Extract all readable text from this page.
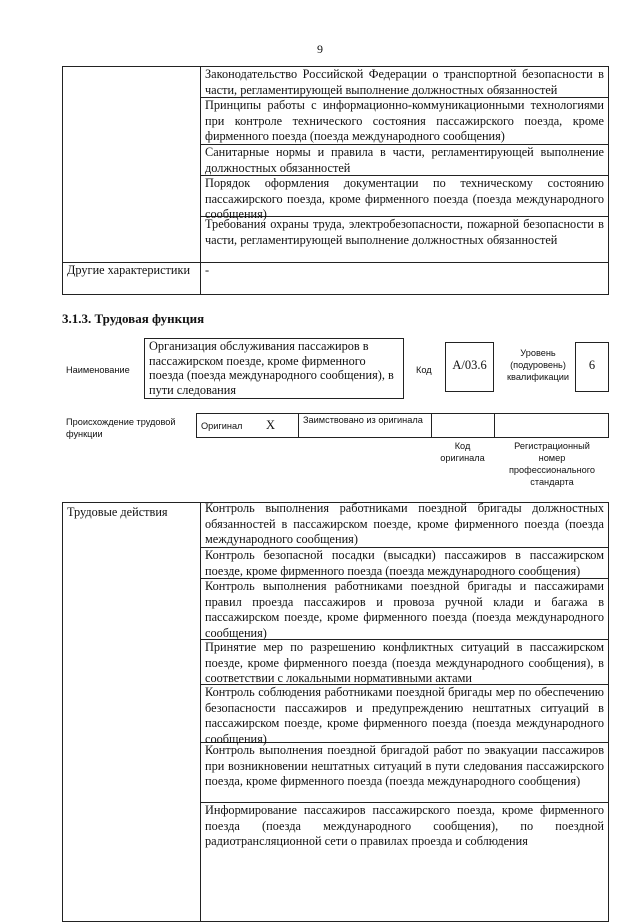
9
Законодательство Российской Федерации о транспортной безопасности в части, регламентирующей выполнение должностных обязанностей
Принципы работы с информационно-коммуникационными технологиями при контроле технического состояния пассажирского поезда, кроме фирменного поезда (поезда международного сообщения)
Санитарные нормы и правила в части, регламентирующей выполнение должностных обязанностей
Порядок оформления документации по техническому состоянию пассажирского поезда, кроме фирменного поезда (поезда международного сообщения)
Требования охраны труда, электробезопасности, пожарной безопасности в части, регламентирующей выполнение должностных обязанностей
Другие характеристики	-
3.1.3. Трудовая функция
Наименование
Организация обслуживания пассажиров в пассажирском поезде, кроме фирменного поезда (поезда международного сообщения), в пути следования
Код	А/03.6
Уровень (подуровень) квалификации
6
Происхождение трудовой функции
Оригинал X	Заимствовано из оригинала
Код оригинала
Регистрационный номер профессионального стандарта
Трудовые действия	Контроль выполнения работниками поездной бригады должностных обязанностей в пассажирском поезде, кроме фирменного поезда (поезда международного сообщения)
Контроль безопасной посадки (высадки) пассажиров в пассажирском поезде, кроме фирменного поезда (поезда международного сообщения)
Контроль выполнения работниками поездной бригады и пассажирами правил проезда пассажиров и провоза ручной клади и багажа в пассажирском поезде, кроме фирменного поезда (поезда международного сообщения)
Принятие мер по разрешению конфликтных ситуаций в пассажирском поезде, кроме фирменного поезда (поезда международного сообщения), в соответствии с локальными нормативными актами
Контроль соблюдения работниками поездной бригады мер по обеспечению безопасности пассажиров и предупреждению нештатных ситуаций в пассажирском поезде, кроме фирменного поезда (поезда международного сообщения)
Контроль выполнения поездной бригадой работ по эвакуации пассажиров при возникновении нештатных ситуаций в пути следования пассажирского поезда, кроме фирменного поезда (поезда международного сообщения)
Информирование пассажиров пассажирского поезда, кроме фирменного поезда (поезда международного сообщения), по поездной радиотрансляционной сети о правилах проезда и соблюдения
